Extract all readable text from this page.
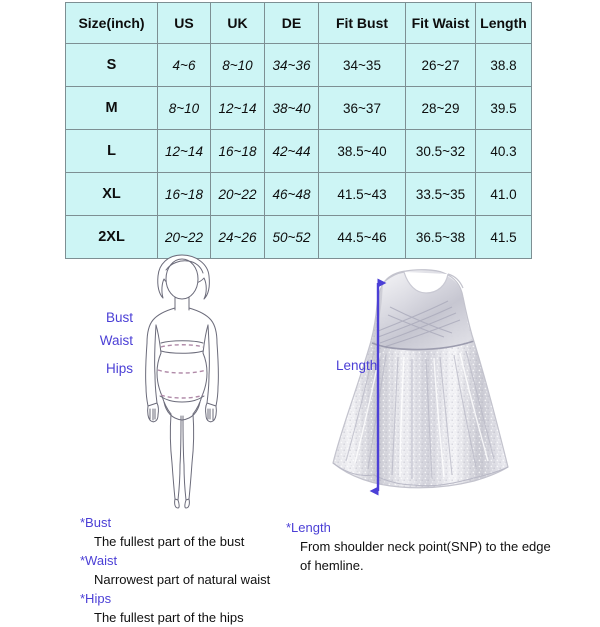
Size(inch)	US	UK	DE	Fit Bust	Fit Waist	Length
S	4~6	8~10	34~36	34~35	26~27	38.8
M	8~10	12~14	38~40	36~37	28~29	39.5
L	12~14	16~18	42~44	38.5~40	30.5~32	40.3
XL	16~18	20~22	46~48	41.5~43	33.5~35	41.0
2XL	20~22	24~26	50~52	44.5~46	36.5~38	41.5
Bust
Waist
Hips	Length
*Bust
The fullest part of the bust
*Waist
Narrowest part of natural waist
*Hips
The fullest part of the hips
*Length
From shoulder neck point(SNP) to the edge
of hemline.
